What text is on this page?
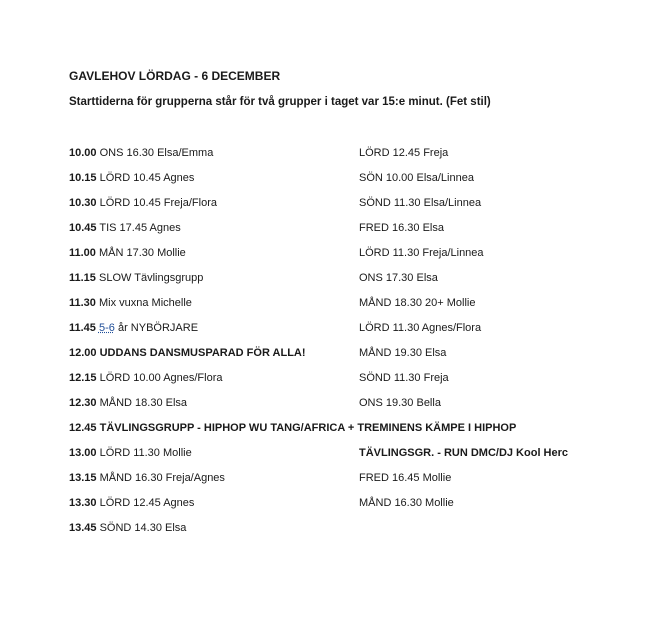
GAVLEHOV LÖRDAG - 6 DECEMBER
Starttiderna för grupperna står för två grupper i taget var 15:e minut. (Fet stil)
10.00 ONS 16.30 Elsa/Emma	LÖRD 12.45 Freja
10.15 LÖRD 10.45 Agnes	SÖN 10.00 Elsa/Linnea
10.30 LÖRD 10.45 Freja/Flora	SÖND 11.30 Elsa/Linnea
10.45 TIS 17.45 Agnes	FRED 16.30 Elsa
11.00 MÅN 17.30 Mollie	LÖRD 11.30 Freja/Linnea
11.15 SLOW Tävlingsgrupp	ONS 17.30 Elsa
11.30 Mix vuxna Michelle	MÅND 18.30 20+ Mollie
11.45 5-6 år NYBÖRJARE	LÖRD 11.30 Agnes/Flora
12.00 UDDANS DANSMUSPARAD FÖR ALLA!	MÅND 19.30 Elsa
12.15 LÖRD 10.00 Agnes/Flora	SÖND 11.30 Freja
12.30 MÅND 18.30 Elsa	ONS 19.30 Bella
12.45 TÄVLINGSGRUPP - HIPHOP WU TANG/AFRICA + TREMINENS KÄMPE I HIPHOP
13.00 LÖRD 11.30 Mollie	TÄVLINGSGR. - RUN DMC/DJ Kool Herc
13.15 MÅND 16.30 Freja/Agnes	FRED 16.45 Mollie
13.30 LÖRD 12.45 Agnes	MÅND 16.30 Mollie
13.45 SÖND 14.30 Elsa
